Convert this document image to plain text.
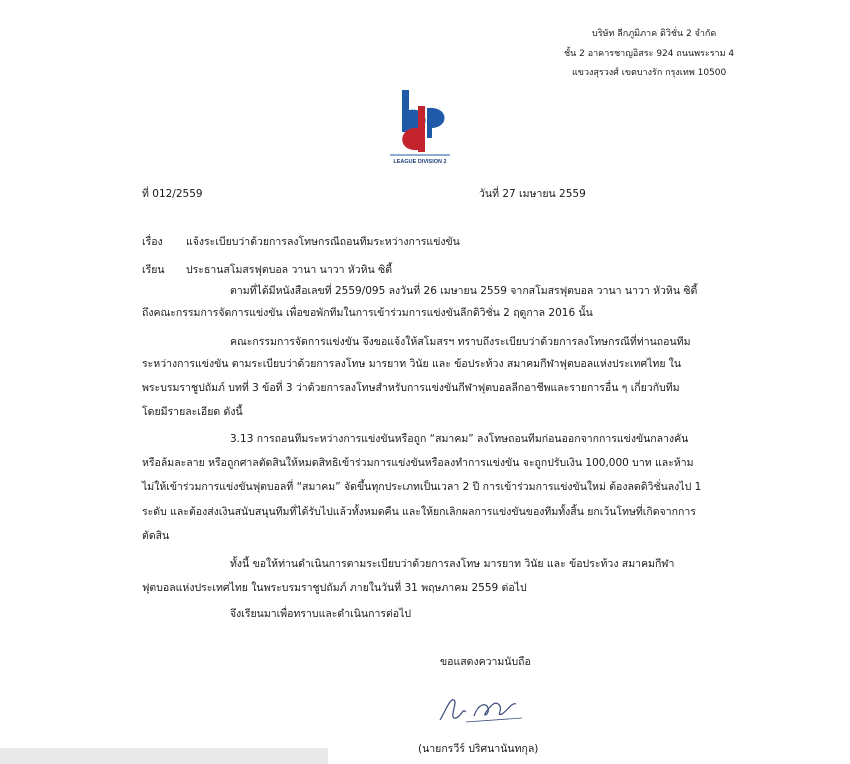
บริษัท ลีกภูมิภาค ดิวิชั่น 2 จำกัด
ชั้น 2 อาคารชาญอิสระ 924 ถนนพระราม 4
แขวงสุรวงศ์ เขตบางรัก กรุงเทพ 10500
LEAGUE DIVISION 2
ที่ 012/2559	วันที่ 27 เมษายน 2559
เรื่อง แจ้งระเบียบว่าด้วยการลงโทษกรณีถอนทีมระหว่างการแข่งขัน
เรียน ประธานสโมสรฟุตบอล วานา นาวา หัวหิน ซิตี้
ตามที่ได้มีหนังสือเลขที่ 2559/095 ลงวันที่ 26 เมษายน 2559 จากสโมสรฟุตบอล วานา นาวา หัวหิน ซิตี้
ถึงคณะกรรมการจัดการแข่งขัน เพื่อขอพักทีมในการเข้าร่วมการแข่งขันลีกดิวิชั่น 2 ฤดูกาล 2016 นั้น
คณะกรรมการจัดการแข่งขัน จึงขอแจ้งให้สโมสรฯ ทราบถึงระเบียบว่าด้วยการลงโทษกรณีที่ท่านถอนทีม
ระหว่างการแข่งขัน ตามระเบียบว่าด้วยการลงโทษ มารยาท วินัย และ ข้อประท้วง สมาคมกีฬาฟุตบอลแห่งประเทศไทย ใน
พระบรมราชูปถัมภ์ บทที่ 3 ข้อที่ 3 ว่าด้วยการลงโทษสำหรับการแข่งขันกีฬาฟุตบอลลีกอาชีพและรายการอื่น ๆ เกี่ยวกับทีม
โดยมีรายละเอียด ดังนี้
3.13 การถอนทีมระหว่างการแข่งขันหรือถูก “สมาคม” ลงโทษถอนทีมก่อนออกจากการแข่งขันกลางคัน
หรือล้มละลาย หรือถูกศาลตัดสินให้หมดสิทธิเข้าร่วมการแข่งขันหรือลงทำการแข่งขัน จะถูกปรับเงิน 100,000 บาท และห้าม
ไม่ให้เข้าร่วมการแข่งขันฟุตบอลที่ “สมาคม” จัดขึ้นทุกประเภทเป็นเวลา 2 ปี การเข้าร่วมการแข่งขันใหม่ ต้องลดดิวิชั่นลงไป 1
ระดับ และต้องส่งเงินสนับสนุนทีมที่ได้รับไปแล้วทั้งหมดคืน และให้ยกเลิกผลการแข่งขันของทีมทั้งสิ้น ยกเว้นโทษที่เกิดจากการ
ตัดสิน
ทั้งนี้ ขอให้ท่านดำเนินการตามระเบียบว่าด้วยการลงโทษ มารยาท วินัย และ ข้อประท้วง สมาคมกีฬา
ฟุตบอลแห่งประเทศไทย ในพระบรมราชูปถัมภ์ ภายในวันที่ 31 พฤษภาคม 2559 ต่อไป
จึงเรียนมาเพื่อทราบและดำเนินการต่อไป
ขอแสดงความนับถือ
(นายกรวีร์ ปริศนานันทกุล)
